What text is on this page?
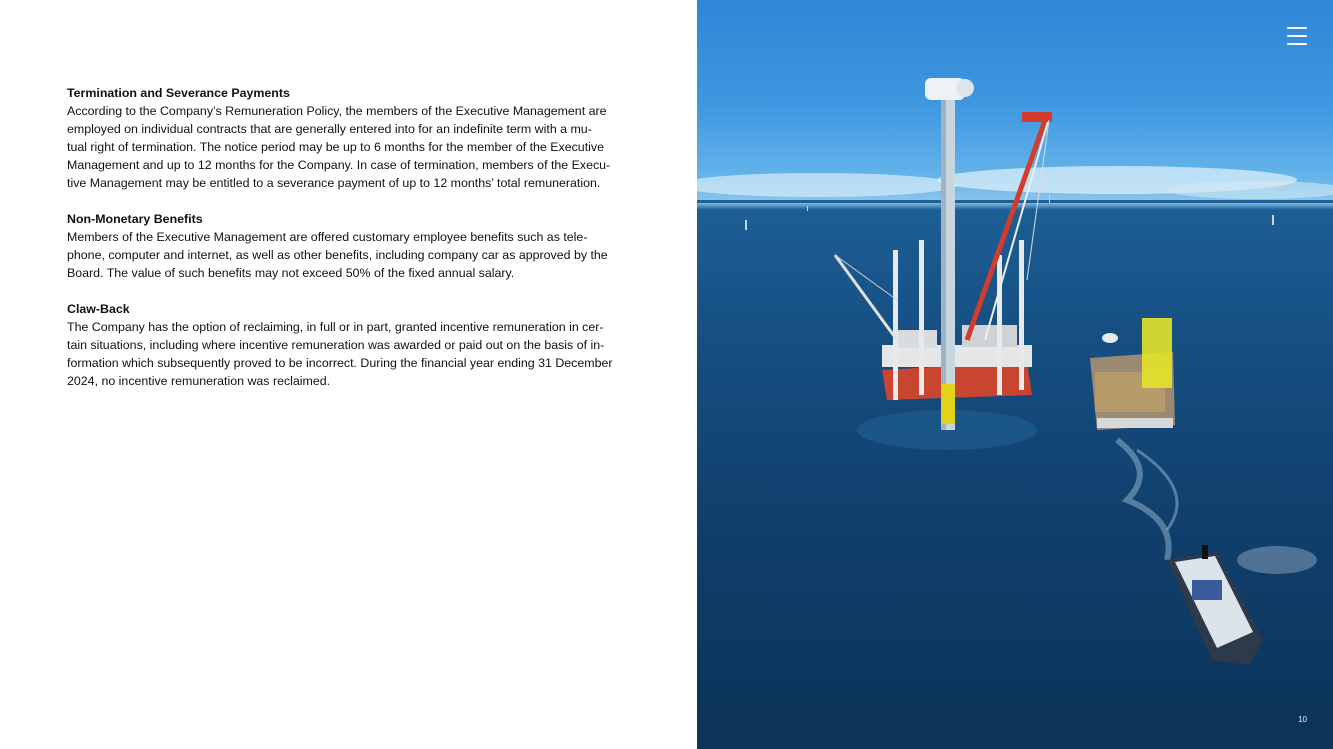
Termination and Severance Payments

According to the Company’s Remuneration Policy, the members of the Executive Management are
employed on individual contracts that are generally entered into for an indefinite term with a mu-
tual right of termination. The notice period may be up to 6 months for the member of the Executive
Management and up to 12 months for the Company. In case of termination, members of the Execu-
tive Management may be entitled to a severance payment of up to 12 months’ total remuneration.

Non-Monetary Benefits

Members of the Executive Management are offered customary employee benefits such as tele-
phone, computer and internet, as well as other benefits, including company car as approved by the
Board. The value of such benefits may not exceed 50% of the fixed annual salary.

Claw-Back

The Company has the option of reclaiming, in full or in part, granted incentive remuneration in cer-
tain situations, including where incentive remuneration was awarded or paid out on the basis of in-
formation which subsequently proved to be incorrect. During the financial year ending 31 December
2024, no incentive remuneration was reclaimed.

10
